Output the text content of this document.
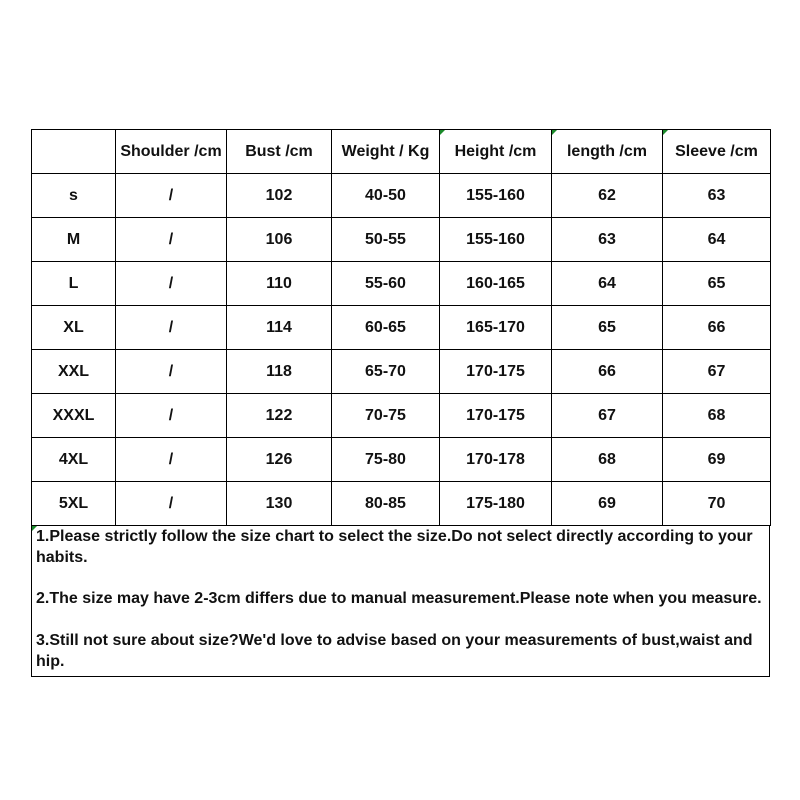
	Shoulder /cm	Bust /cm	Weight / Kg	Height /cm	length /cm	Sleeve /cm
s	/	102	40-50	155-160	62	63
M	/	106	50-55	155-160	63	64
L	/	110	55-60	160-165	64	65
XL	/	114	60-65	165-170	65	66
XXL	/	118	65-70	170-175	66	67
XXXL	/	122	70-75	170-175	67	68
4XL	/	126	75-80	170-178	68	69
5XL	/	130	80-85	175-180	69	70

1.Please strictly follow the size chart to select the size.Do not select directly according to your habits.

2.The size may have 2-3cm differs due to manual measurement.Please note when you measure.

3.Still not sure about size?We'd love to advise based on your measurements of bust,waist and hip.
